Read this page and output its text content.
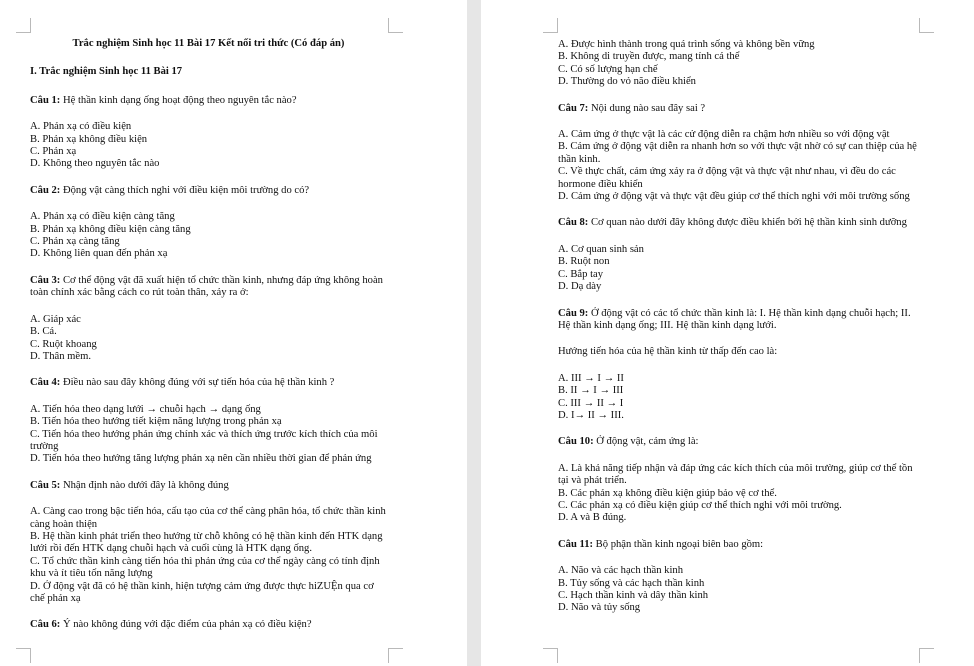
Trắc nghiệm Sinh học 11 Bài 17 Kết nối tri thức (Có đáp án)

I. Trắc nghiệm Sinh học 11 Bài 17

Câu 1: Hệ thần kinh dạng ống hoạt động theo nguyên tắc nào?

A. Phản xạ có điều kiện

B. Phản xạ không điều kiện

C. Phản xạ

D. Không theo nguyên tắc nào

Câu 2: Động vật càng thích nghi với điều kiện môi trường do có?

A. Phản xạ có điều kiện càng tăng

B. Phản xạ không điều kiện càng tăng

C. Phản xạ càng tăng

D. Không liên quan đến phản xạ

Câu 3: Cơ thể động vật đã xuất hiện tổ chức thần kinh, nhưng đáp ứng không hoàn toàn chính xác bằng cách co rút toàn thân, xảy ra ở:

A. Giáp xác

B. Cá.

C. Ruột khoang

D. Thân mềm.

Câu 4: Điều nào sau đây không đúng với sự tiến hóa của hệ thần kinh ?

A. Tiến hóa theo dạng lưới → chuỗi hạch → dạng ống

B. Tiến hóa theo hướng tiết kiệm năng lượng trong phản xạ

C. Tiến hóa theo hướng phản ứng chính xác và thích ứng trước kích thích của môi trường

D. Tiến hóa theo hướng tăng lượng phản xạ nên cần nhiều thời gian để phản ứng

Câu 5: Nhận định nào dưới đây là không đúng

A. Càng cao trong bậc tiến hóa, cấu tạo của cơ thể càng phân hóa, tổ chức thần kinh càng hoàn thiện

B. Hệ thần kinh phát triển theo hướng từ chỗ không có hệ thần kinh đến HTK dạng lưới rồi đến HTK dạng chuỗi hạch và cuối cùng là HTK dạng ống.

C. Tổ chức thần kinh càng tiến hóa thì phản ứng của cơ thể ngày càng có tính định khu và ít tiêu tốn năng lượng

D. Ở động vật đã có hệ thần kinh, hiện tượng cảm ứng được thực hiZUỆn qua cơ chế phản xạ

Câu 6: Ý nào không đúng với đặc điểm của phản xạ có điều kiện?

A. Được hình thành trong quá trình sống và không bền vững

B. Không di truyền được, mang tính cá thể

C. Có số lượng hạn chế

D. Thường do vỏ não điều khiển

Câu 7: Nội dung nào sau đây sai ?

A. Cảm ứng ở thực vật là các cử động diễn ra chậm hơn nhiều so với động vật

B. Cảm ứng ở động vật diễn ra nhanh hơn so với thực vật nhờ có sự can thiệp của hệ thần kinh.

C. Về thực chất, cảm ứng xảy ra ở động vật và thực vật như nhau, vì đều do các hormone điều khiển

D. Cảm ứng ở động vật và thực vật đều giúp cơ thể thích nghi với môi trường sống

Câu 8: Cơ quan nào dưới đây không được điều khiển bởi hệ thần kinh sinh dưỡng

A. Cơ quan sinh sản

B. Ruột non

C. Bắp tay

D. Dạ dày

Câu 9: Ở động vật có các tổ chức thần kinh là: I. Hệ thần kinh dạng chuỗi hạch; II. Hệ thần kinh dạng ống; III. Hệ thần kinh dạng lưới.

Hướng tiến hóa của hệ thần kinh từ thấp đến cao là:

A. III → I → II

B. II → I → III

C. III → II → I

D. I→ II → III.

Câu 10: Ở động vật, cảm ứng là:

A. Là khả năng tiếp nhận và đáp ứng các kích thích của môi trường, giúp cơ thể tồn tại và phát triển.

B. Các phản xạ không điều kiện giúp bảo vệ cơ thể.

C. Các phản xạ có điều kiện giúp cơ thể thích nghi với môi trường.

D. A và B đúng.

Câu 11: Bộ phận thần kinh ngoại biên bao gồm:

A. Não và các hạch thần kinh

B. Tủy sống và các hạch thần kinh

C. Hạch thần kinh và dây thần kinh

D. Não và tủy sống
